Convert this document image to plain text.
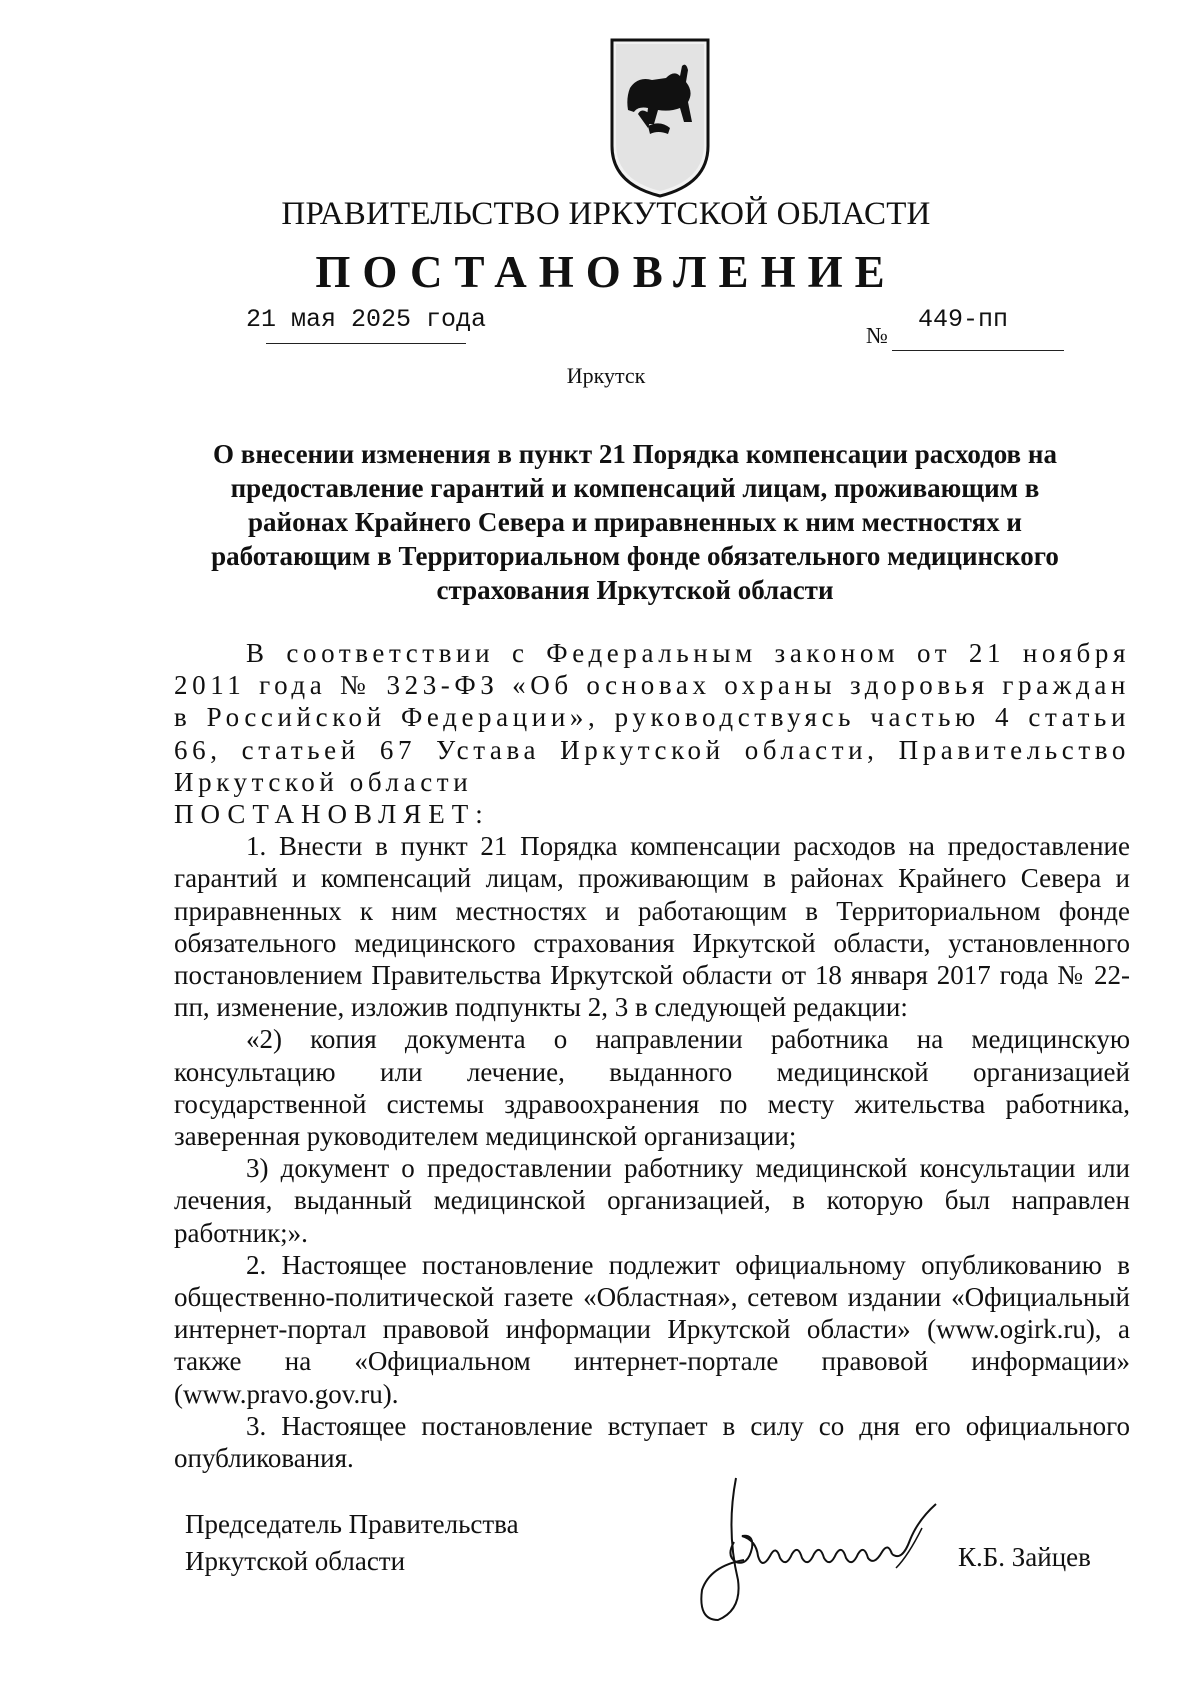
ПРАВИТЕЛЬСТВО ИРКУТСКОЙ ОБЛАСТИ
ПОСТАНОВЛЕНИЕ
21 мая 2025 года
№
449-пп
Иркутск
О внесении изменения в пункт 21 Порядка компенсации расходов на
предоставление гарантий и компенсаций лицам, проживающим в
районах Крайнего Севера и приравненных к ним местностях и
работающим в Территориальном фонде обязательного медицинского
страхования Иркутской области

В соответствии с Федеральным законом от 21 ноября 2011 года № 323-ФЗ «Об основах охраны здоровья граждан в Российской Федерации», руководствуясь частью 4 статьи 66, статьей 67 Устава Иркутской области, Правительство Иркутской области

ПОСТАНОВЛЯЕТ:

1. Внести в пункт 21 Порядка компенсации расходов на предоставление гарантий и компенсаций лицам, проживающим в районах Крайнего Севера и приравненных к ним местностях и работающим в Территориальном фонде обязательного медицинского страхования Иркутской области, установленного постановлением Правительства Иркутской области от 18 января 2017 года № 22-пп, изменение, изложив подпункты 2, 3 в следующей редакции:

«2) копия документа о направлении работника на медицинскую консультацию или лечение, выданного медицинской организацией государственной системы здравоохранения по месту жительства работника, заверенная руководителем медицинской организации;

3) документ о предоставлении работнику медицинской консультации или лечения, выданный медицинской организацией, в которую был направлен работник;».

2. Настоящее постановление подлежит официальному опубликованию в общественно-политической газете «Областная», сетевом издании «Официальный интернет-портал правовой информации Иркутской области» (www.ogirk.ru), а также на «Официальном интернет-портале правовой информации» (www.pravo.gov.ru).

3. Настоящее постановление вступает в силу со дня его официального опубликования.

Председатель Правительства
Иркутской области	К.Б. Зайцев
